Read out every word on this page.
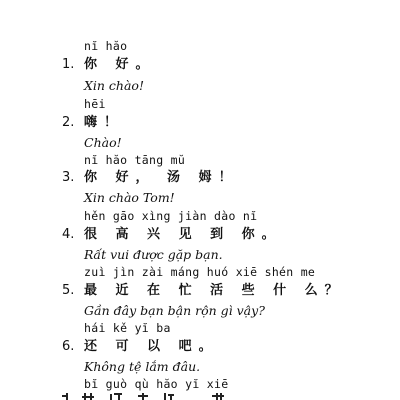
nĭ hăo
1. 你 好。
Xin chào!
hēi
2. 嗨！
Chào!
nĭ hăo tāng mŭ
3. 你 好， 汤 姆！
Xin chào Tom!
hěn gāo xìng jiàn dào nĭ
4. 很 高 兴 见 到 你。
Rất vui được gặp bạn.
zuì jìn zài máng huó xiē shén me
5. 最 近 在 忙 活 些 什 么？
Gần đây bạn bận rộn gì vậy?
hái kě yĭ ba
6. 还 可 以 吧。
Không tệ lắm đâu.
bĭ guò qù hăo yĭ xiē
